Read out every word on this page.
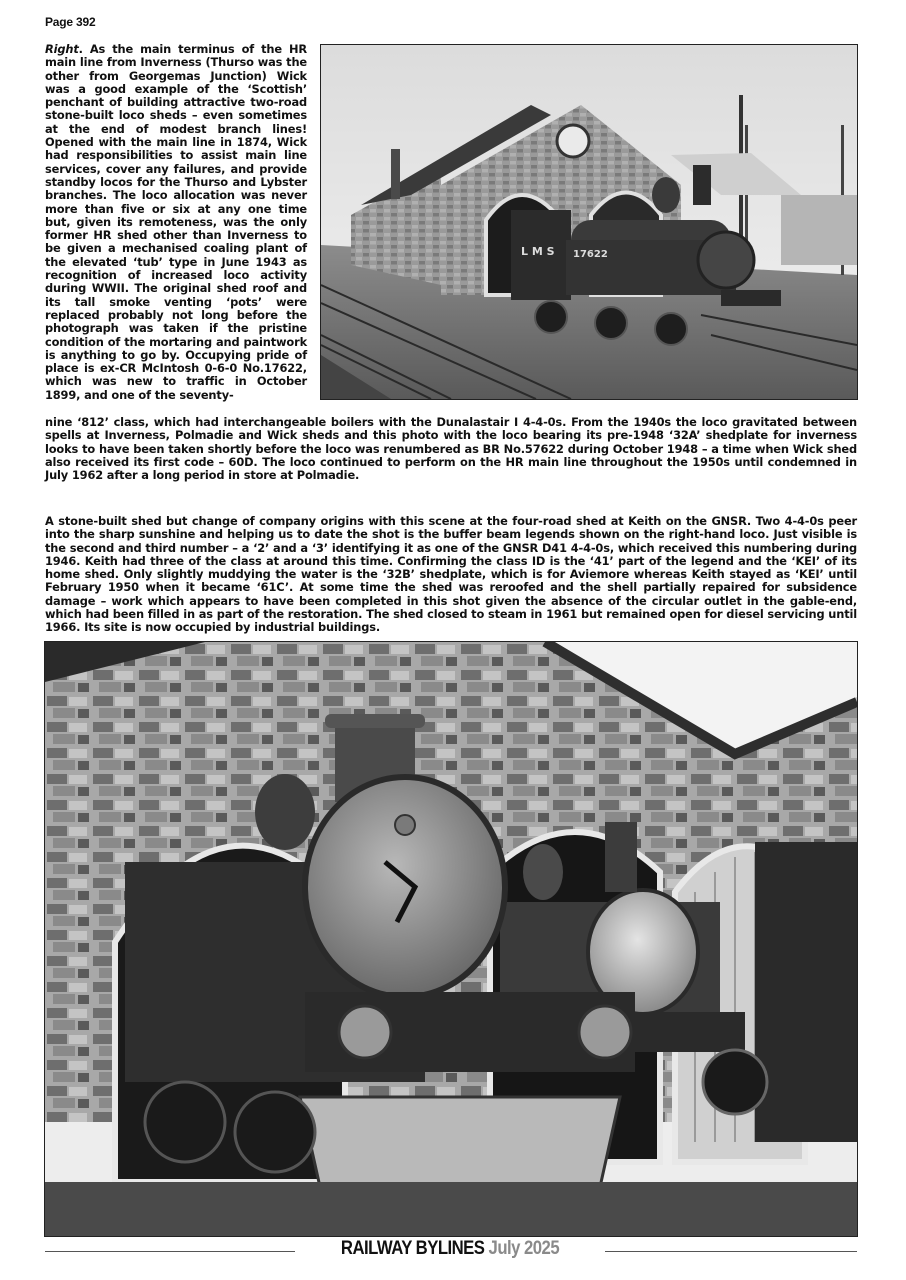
Page 392

Right. As the main terminus of the HR main line from Inverness (Thurso was the other from Georgemas Junction) Wick was a good example of the ‘Scottish’ penchant of building attractive two-road stone-built loco sheds – even sometimes at the end of modest branch lines! Opened with the main line in 1874, Wick had responsibilities to assist main line services, cover any failures, and provide standby locos for the Thurso and Lybster branches. The loco allocation was never more than five or six at any one time but, given its remoteness, was the only former HR shed other than Inverness to be given a mechanised coaling plant of the elevated ‘tub’ type in June 1943 as recognition of increased loco activity during WWII. The original shed roof and its tall smoke venting ‘pots’ were replaced probably not long before the photograph was taken if the pristine condition of the mortaring and paintwork is anything to go by. Occupying pride of place is ex-CR McIntosh 0-6-0 No.17622, which was new to traffic in October 1899, and one of the seventy-

L M S 17622

nine ‘812’ class, which had interchangeable boilers with the Dunalastair I 4-4-0s. From the 1940s the loco gravitated between spells at Inverness, Polmadie and Wick sheds and this photo with the loco bearing its pre-1948 ‘32A’ shedplate for inverness looks to have been taken shortly before the loco was renumbered as BR No.57622 during October 1948 – a time when Wick shed also received its first code – 60D. The loco continued to perform on the HR main line throughout the 1950s until condemned in July 1962 after a long period in store at Polmadie.

A stone-built shed but change of company origins with this scene at the four-road shed at Keith on the GNSR. Two 4-4-0s peer into the sharp sunshine and helping us to date the shot is the buffer beam legends shown on the right-hand loco. Just visible is the second and third number – a ‘2’ and a ‘3’ identifying it as one of the GNSR D41 4-4-0s, which received this numbering during 1946. Keith had three of the class at around this time. Confirming the class ID is the ‘41’ part of the legend and the ‘KEI’ of its home shed. Only slightly muddying the water is the ‘32B’ shedplate, which is for Aviemore whereas Keith stayed as ‘KEI’ until February 1950 when it became ‘61C’. At some time the shed was reroofed and the shell partially repaired for subsidence damage – work which appears to have been completed in this shot given the absence of the circular outlet in the gable-end, which had been filled in as part of the restoration. The shed closed to steam in 1961 but remained open for diesel servicing until 1966. Its site is now occupied by industrial buildings.

RAILWAY BYLINES July 2025
